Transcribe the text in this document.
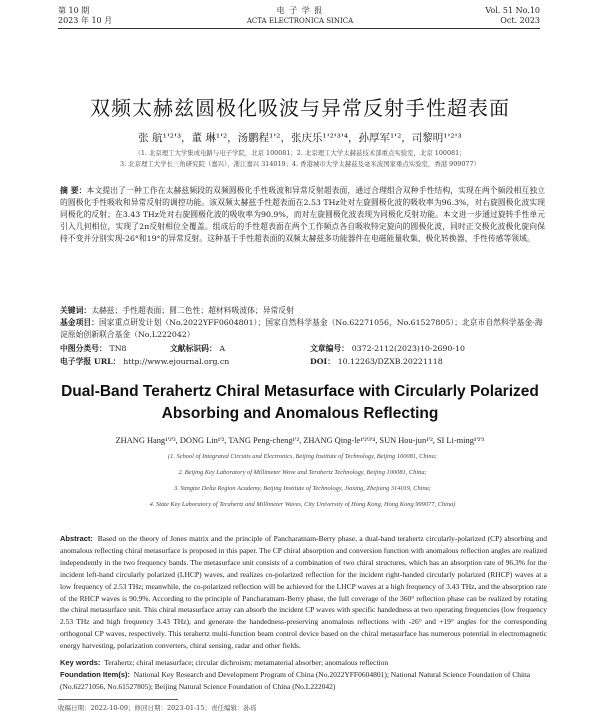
第 10 期
2023 年 10 月
电 子 学 报
ACTA ELECTRONICA SINICA
Vol. 51 No.10
Oct. 2023
双频太赫兹圆极化吸波与异常反射手性超表面
张 航¹'²'³，董 琳¹'²，汤鹏程¹'²，张庆乐¹'²'³'⁴，孙厚军¹'²，司黎明¹'²'³
（1. 北京理工大学集成电路与电子学院，北京 100081；2. 北京理工大学太赫兹技术部重点实验室，北京 100081；
3. 北京理工大学长三角研究院（嘉兴），浙江嘉兴 314019；4. 香港城市大学太赫兹及毫米波国家重点实验室，香港 999077）
摘 要：本文提出了一种工作在太赫兹频段的双频圆极化手性吸波和异常反射超表面，通过合理组合双种手性结构，实现在两个频段相互独立的圆极化手性吸收和异常反射的调控功能。该双频太赫兹手性超表面在2.53 THz处对左旋圆极化波的吸收率为96.3%，对右旋圆极化波实现同极化的反射；在3.43 THz处对右旋圆极化波的吸收率为90.9%，而对左旋圆极化波表现为同极化反射功能。本文进一步通过旋转手性单元引入几何相位，实现了2π反射相位全覆盖。组成后的手性超表面在两个工作频点各自吸收特定旋向的圆极化波，同时正交极化波极化旋向保持不变并分别实现-26°和19°的异常反射。这种基于手性超表面的双频太赫兹多功能器件在电磁能量收集、极化转换器、手性传感等领域。
关键词：太赫兹；手性超表面；圆二色性；超材料吸波体；异常反射
基金项目：国家重点研发计划（No.2022YFF0604801）；国家自然科学基金（No.62271056，No.61527805）；北京市自然科学基金-海淀原始创新联合基金（No.L222042）
中图分类号： TN8	文献标识码： A	文章编号： 0372-2112(2023)10-2690-10
电子学报 URL： http://www.ejournal.org.cn	DOI： 10.12263/DZXB.20221118
Dual-Band Terahertz Chiral Metasurface with Circularly Polarized
Absorbing and Anomalous Reflecting
ZHANG Hang¹'²'³, DONG Lin¹'², TANG Peng-cheng¹'², ZHANG Qing-le¹'²'³'⁴, SUN Hou-jun¹'², SI Li-ming¹'²'³
(1. School of Integrated Circuits and Electronics, Beijing Institute of Technology, Beijing 100081, China;
2. Beijing Key Laboratory of Millimeter Wave and Terahertz Technology, Beijing 100081, China;
3. Yangtze Delta Region Academy, Beijing Institute of Technology, Jiaxing, Zhejiang 314019, China;
4. State Key Laboratory of Terahertz and Millimeter Waves, City University of Hong Kong, Hong Kong 999077, China)
Abstract: Based on the theory of Jones matrix and the principle of Pancharatnam-Berry phase, a dual-band terahertz circularly-polarized (CP) absorbing and anomalous reflecting chiral metasurface is proposed in this paper. The CP chiral absorption and conversion function with anomalous reflection angles are realized independently in the two frequency bands. The metasurface unit consists of a combination of two chiral structures, which has an absorption rate of 96.3% for the incident left-hand circularly polarized (LHCP) waves, and realizes co-polarized reflection for the incident right-handed circularly polarized (RHCP) waves at a low frequency of 2.53 THz; meanwhile, the co-polarized reflection will be achieved for the LHCP waves at a high frequency of 3.43 THz, and the absorption rate of the RHCP waves is 90.9%. According to the principle of Pancharatnam-Berry phase, the full coverage of the 360° reflection phase can be realized by rotating the chiral metasurface unit. This chiral metasurface array can absorb the incident CP waves with specific handedness at two operating frequencies (low frequency 2.53 THz and high frequency 3.43 THz), and generate the handedness-preserving anomalous reflections with -26° and +19° angles for the corresponding orthogonal CP waves, respectively. This terahertz multi-function beam control device based on the chiral metasurface has numerous potential in electromagnetic energy harvesting, polarization converters, chiral sensing, radar and other fields.
Key words: Terahertz; chiral metasurface; circular dichroism; metamaterial absorber; anomalous reflection
Foundation Item(s): National Key Research and Development Program of China (No.2022YFF0604801); National Natural Science Foundation of China (No.62271056, No.61527805); Beijing Natural Science Foundation of China (No.L222042)
收稿日期：2022-10-09；修回日期：2023-01-15；责任编辑：孙瑶
